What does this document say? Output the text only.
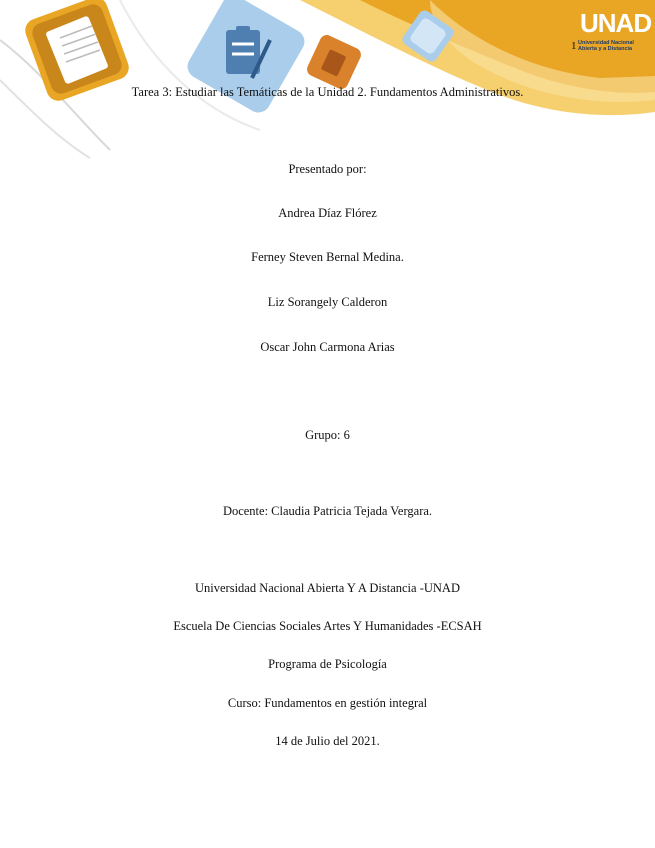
UNAD
Universidad Nacional Abierta y a Distancia
1
Tarea 3: Estudiar las Temáticas de la Unidad 2. Fundamentos Administrativos.
Presentado por:
Andrea Díaz Flórez
Ferney Steven Bernal Medina.
Liz Sorangely Calderon
Oscar John Carmona Arias
Grupo: 6
Docente: Claudia Patricia Tejada Vergara.
Universidad Nacional Abierta Y A Distancia -UNAD
Escuela De Ciencias Sociales Artes Y Humanidades -ECSAH
Programa de Psicología
Curso: Fundamentos en gestión integral
14 de Julio del 2021.
